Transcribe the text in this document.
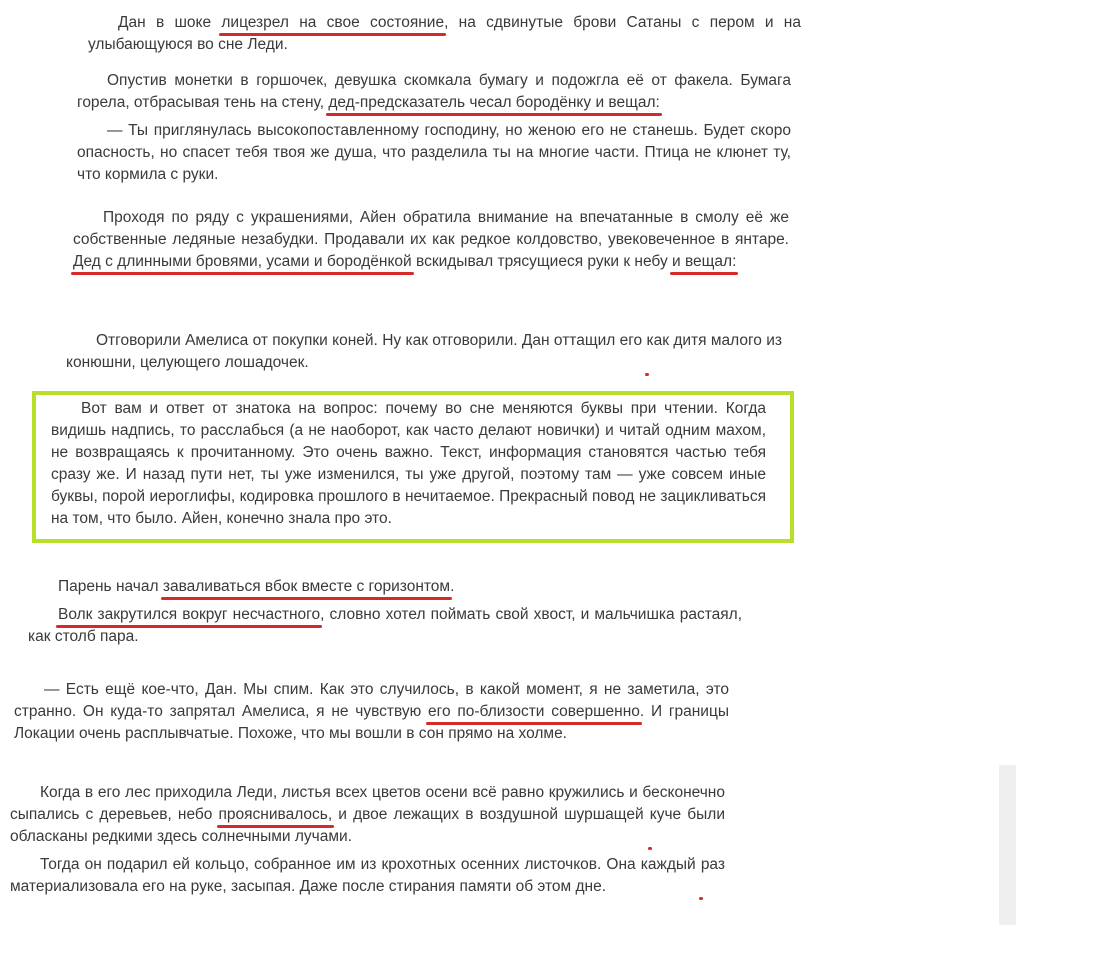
Дан в шоке лицезрел на свое состояние, на сдвинутые брови Сатаны с пером и на улыбающуюся во сне Леди.

Опустив монетки в горшочек, девушка скомкала бумагу и подожгла её от факела. Бумага горела, отбрасывая тень на стену, дед-предсказатель чесал бородёнку и вещал:

— Ты приглянулась высокопоставленному господину, но женою его не станешь. Будет скоро опасность, но спасет тебя твоя же душа, что разделила ты на многие части. Птица не клюнет ту, что кормила с руки.

Проходя по ряду с украшениями, Айен обратила внимание на впечатанные в смолу её же собственные ледяные незабудки. Продавали их как редкое колдовство, увековеченное в янтаре. Дед с длинными бровями, усами и бородёнкой вскидывал трясущиеся руки к небу и вещал:

Отговорили Амелиса от покупки коней. Ну как отговорили. Дан оттащил его как дитя малого из конюшни, целующего лошадочек.

Вот вам и ответ от знатока на вопрос: почему во сне меняются буквы при чтении. Когда видишь надпись, то расслабься (а не наоборот, как часто делают новички) и читай одним махом, не возвращаясь к прочитанному. Это очень важно. Текст, информация становятся частью тебя сразу же. И назад пути нет, ты уже изменился, ты уже другой, поэтому там — уже совсем иные буквы, порой иероглифы, кодировка прошлого в нечитаемое. Прекрасный повод не зацикливаться на том, что было. Айен, конечно знала про это.

Парень начал заваливаться вбок вместе с горизонтом.

Волк закрутился вокруг несчастного, словно хотел поймать свой хвост, и мальчишка растаял, как столб пара.

— Есть ещё кое-что, Дан. Мы спим. Как это случилось, в какой момент, я не заметила, это странно. Он куда-то запрятал Амелиса, я не чувствую его по-близости совершенно. И границы Локации очень расплывчатые. Похоже, что мы вошли в сон прямо на холме.

Когда в его лес приходила Леди, листья всех цветов осени всё равно кружились и бесконечно сыпались с деревьев, небо прояснивалось, и двое лежащих в воздушной шуршащей куче были обласканы редкими здесь солнечными лучами.

Тогда он подарил ей кольцо, собранное им из крохотных осенних листочков. Она каждый раз материализовала его на руке, засыпая. Даже после стирания памяти об этом дне.
